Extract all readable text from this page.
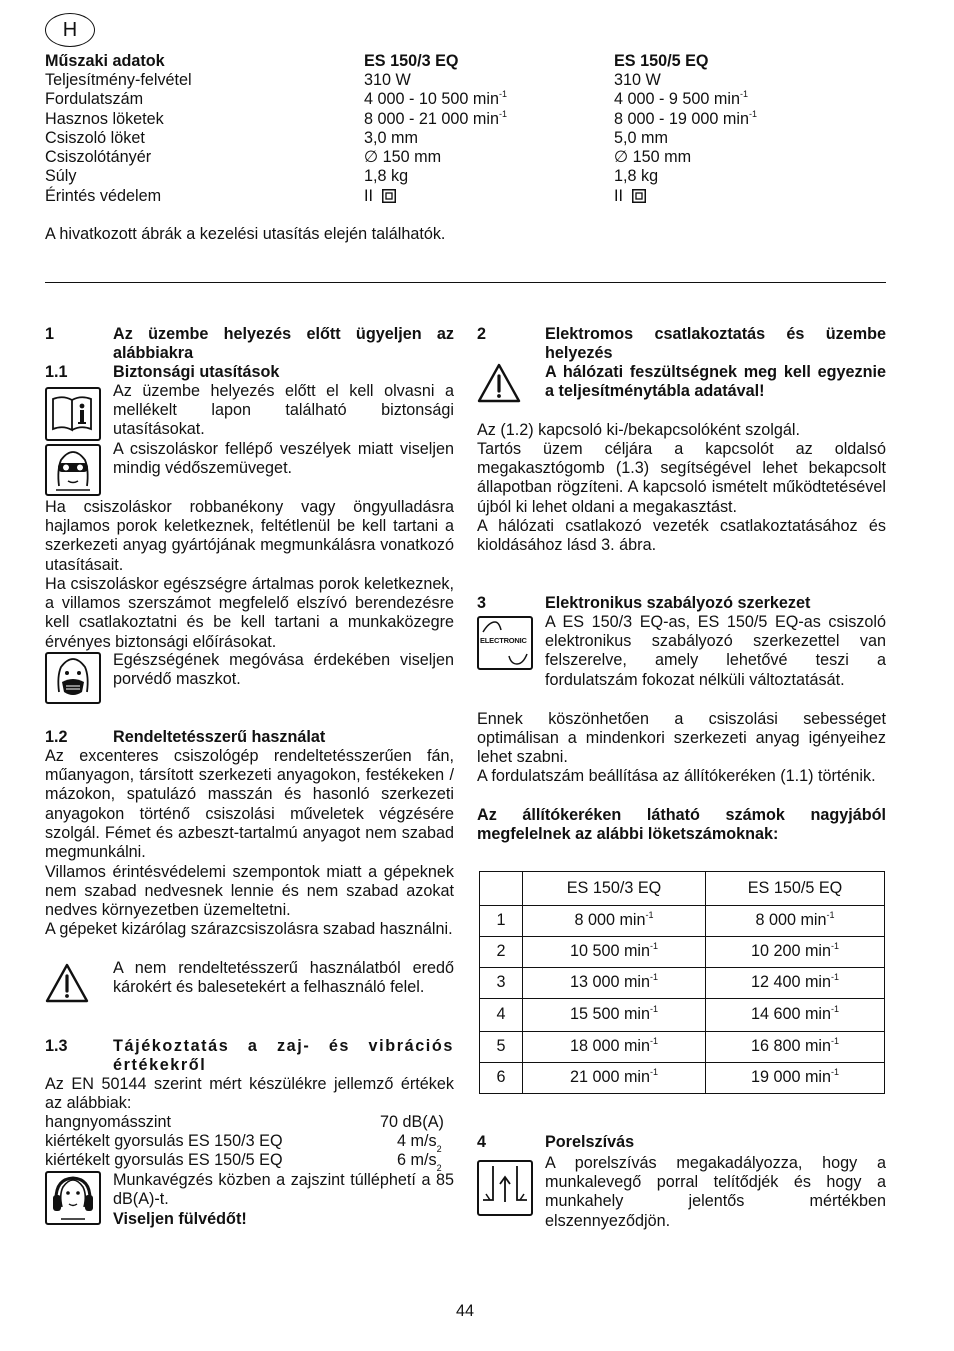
H
Műszaki adatok	ES 150/3 EQ	ES 150/5 EQ
Teljesítmény-felvétel	310 W	310 W
Fordulatszám	4 000 - 10 500 $\min^{-1}$	4 000 - 9 500 $\min^{-1}$
Hasznos löketek	8 000 - 21 000 $\min^{-1}$	8 000 - 19 000 $\min^{-1}$
Csiszoló löket	3,0 mm	5,0 mm
Csiszolótányér	∅ 150 mm	∅ 150 mm
Súly	1,8 kg	1,8 kg
Érintés védelem	II	II
A hivatkozott ábrák a kezelési utasítás elején találhatók.
1	Az üzembe helyezés előtt ügyeljen az alábbiakra
1.1	Biztonsági utasítások
Az üzembe helyezés előtt el kell olvasni a mellékelt lapon található biztonsági utasításokat.
A csiszoláskor fellépő veszélyek miatt viseljen mindig védőszemüveget.
Ha csiszoláskor robbanékony vagy öngyulladásra hajlamos porok keletkeznek, feltétlenül be kell tartani a szerkezeti anyag gyártójának megmunkálásra vonatkozó utasításait.
Ha csiszoláskor egészségre ártalmas porok keletkeznek, a villamos szerszámot megfelelő elszívó berendezésre kell csatlakoztatni és be kell tartani a munkaközegre érvényes biztonsági előírásokat.
Egészségének megóvása érdekében viseljen porvédő maszkot.
1.2	Rendeltetésszerű használat
Az excenteres csiszológép rendeltetésszerűen fán, műanyagon, társított szerkezeti anyagokon, festékeken / mázokon, spatulázó masszán és hasonló szerkezeti anyagokon történő csiszolási műveletek végzésére szolgál. Fémet és azbeszt-tartalmú anyagot nem szabad megmunkálni.
Villamos érintésvédelemi szempontok miatt a gépeknek nem szabad nedvesnek lennie és nem szabad azokat nedves környezetben üzemeltetni.
A gépeket kizárólag szárazcsiszolásra szabad használni.
A nem rendeltetésszerű használatból eredő károkért és balesetekért a felhasználó felel.
1.3	Tájékoztatás a zaj- és vibrációs értékekről
Az EN 50144 szerint mért készülékre jellemző értékek az alábbiak:
hangnyomásszint	70 dB(A)
kiértékelt gyorsulás ES 150/3 EQ	4 $m/s_2$
kiértékelt gyorsulás ES 150/5 EQ	6 $m/s_2$
Munkavégzés közben a zajszint túlléphetí a 85 dB(A)-t.
Viseljen fülvédőt!
2	Elektromos csatlakoztatás és üzembe helyezés
A hálózati feszültségnek meg kell egyeznie a teljesítménytábla adatával!
Az (1.2) kapcsoló ki-/bekapcsolóként szolgál.
Tartós üzem céljára a kapcsolót az oldalsó megakasztógomb (1.3) segítségével lehet bekapcsolt állapotban rögzíteni. A kapcsoló ismételt működtetésével újból ki lehet oldani a megakasztást.
A hálózati csatlakozó vezeték csatlakoztatásához és kioldásához lásd 3. ábra.
3	Elektronikus szabályozó szerkezet
ELECTRONIC
A ES 150/3 EQ-as, ES 150/5 EQ-as csiszoló elektronikus szabályozó szerkezettel van felszerelve, amely lehetővé teszi a fordulatszám fokozat nélküli változtatását.
Ennek köszönhetően a csiszolási sebességet optimálisan a mindenkori szerkezeti anyag igényeihez lehet szabni.
A fordulatszám beállítása az állítókeréken (1.1) történik.
Az állítókeréken látható számok nagyjából megfelelnek az alábbi löketszámoknak:
	ES 150/3 EQ	ES 150/5 EQ
1	8 000 $\min^{-1}$	8 000 $\min^{-1}$
2	10 500 $\min^{-1}$	10 200 $\min^{-1}$
3	13 000 $\min^{-1}$	12 400 $\min^{-1}$
4	15 500 $\min^{-1}$	14 600 $\min^{-1}$
5	18 000 $\min^{-1}$	16 800 $\min^{-1}$
6	21 000 $\min^{-1}$	19 000 $\min^{-1}$
4	Porelszívás
A porelszívás megakadályozza, hogy a munkalevegő porral telítődjék és hogy a munkahely jelentős mértékben elszennyeződjön.
44
